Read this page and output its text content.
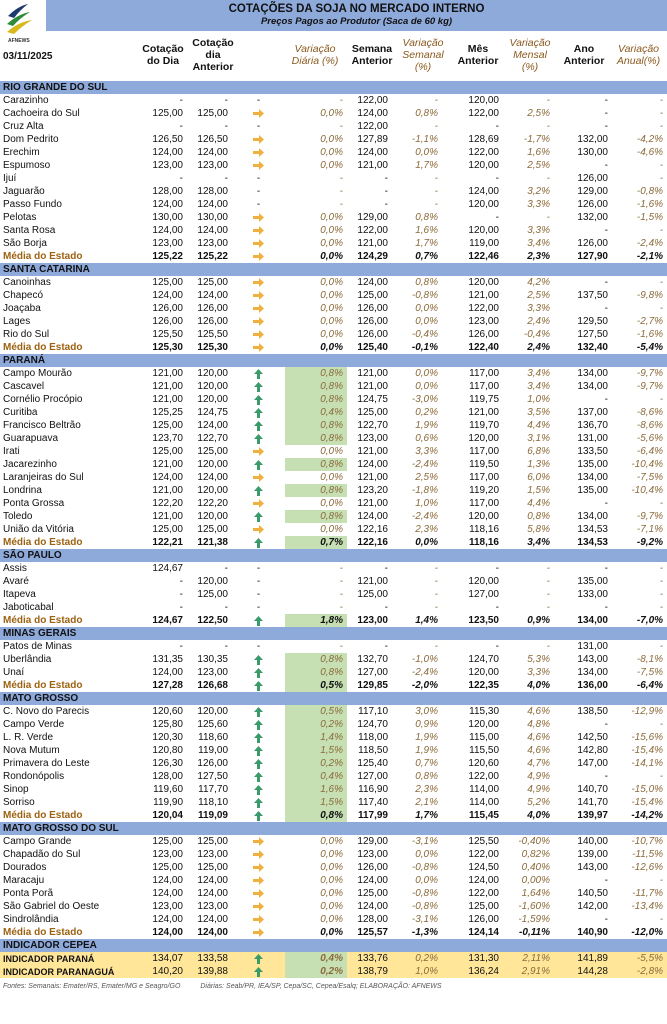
AFNEWS
COTAÇÕES DA SOJA NO MERCADO INTERNO
Preços Pagos ao Produtor (Saca de 60 kg)
03/11/2025
Cotação do Dia
Cotação dia Anterior
Variação Diária (%)
Semana Anterior
Variação Semanal (%)
Mês Anterior
Variação Mensal (%)
Ano Anterior
Variação Anual(%)
RIO GRANDE DO SUL										
Carazinho	-	-	-	-	122,00	-	120,00	-	-	-
Cachoeira do Sul	125,00	125,00		0,0%	124,00	0,8%	122,00	2,5%	-	-
Cruz Alta	-	-	-	-	122,00	-	-	-	-	-
Dom Pedrito	126,50	126,50		0,0%	127,89	-1,1%	128,69	-1,7%	132,00	-4,2%
Erechim	124,00	124,00		0,0%	124,00	0,0%	122,00	1,6%	130,00	-4,6%
Espumoso	123,00	123,00		0,0%	121,00	1,7%	120,00	2,5%	-	-
Ijuí	-	-	-	-	-	-	-	-	126,00	-
Jaguarão	128,00	128,00	-	-	-	-	124,00	3,2%	129,00	-0,8%
Passo Fundo	124,00	124,00	-	-	-	-	120,00	3,3%	126,00	-1,6%
Pelotas	130,00	130,00		0,0%	129,00	0,8%	-	-	132,00	-1,5%
Santa Rosa	124,00	124,00		0,0%	122,00	1,6%	120,00	3,3%	-	-
São Borja	123,00	123,00		0,0%	121,00	1,7%	119,00	3,4%	126,00	-2,4%
Média do Estado	125,22	125,22		0,0%	124,29	0,7%	122,46	2,3%	127,90	-2,1%
SANTA CATARINA										
Canoinhas	125,00	125,00		0,0%	124,00	0,8%	120,00	4,2%	-	-
Chapecó	124,00	124,00		0,0%	125,00	-0,8%	121,00	2,5%	137,50	-9,8%
Joaçaba	126,00	126,00		0,0%	126,00	0,0%	122,00	3,3%	-	-
Lages	126,00	126,00		0,0%	126,00	0,0%	123,00	2,4%	129,50	-2,7%
Rio do Sul	125,50	125,50		0,0%	126,00	-0,4%	126,00	-0,4%	127,50	-1,6%
Média do Estado	125,30	125,30		0,0%	125,40	-0,1%	122,40	2,4%	132,40	-5,4%
PARANÁ										
Campo Mourão	121,00	120,00		0,8%	121,00	0,0%	117,00	3,4%	134,00	-9,7%
Cascavel	121,00	120,00		0,8%	121,00	0,0%	117,00	3,4%	134,00	-9,7%
Cornélio Procópio	121,00	120,00		0,8%	124,75	-3,0%	119,75	1,0%	-	-
Curitiba	125,25	124,75		0,4%	125,00	0,2%	121,00	3,5%	137,00	-8,6%
Francisco Beltrão	125,00	124,00		0,8%	122,70	1,9%	119,70	4,4%	136,70	-8,6%
Guarapuava	123,70	122,70		0,8%	123,00	0,6%	120,00	3,1%	131,00	-5,6%
Irati	125,00	125,00		0,0%	121,00	3,3%	117,00	6,8%	133,50	-6,4%
Jacarezinho	121,00	120,00		0,8%	124,00	-2,4%	119,50	1,3%	135,00	-10,4%
Laranjeiras do Sul	124,00	124,00		0,0%	121,00	2,5%	117,00	6,0%	134,00	-7,5%
Londrina	121,00	120,00		0,8%	123,20	-1,8%	119,20	1,5%	135,00	-10,4%
Ponta Grossa	122,20	122,20		0,0%	121,00	1,0%	117,00	4,4%	-	-
Toledo	121,00	120,00		0,8%	124,00	-2,4%	120,00	0,8%	134,00	-9,7%
União da Vitória	125,00	125,00		0,0%	122,16	2,3%	118,16	5,8%	134,53	-7,1%
Média do Estado	122,21	121,38		0,7%	122,16	0,0%	118,16	3,4%	134,53	-9,2%
SÃO PAULO										
Assis	124,67	-	-	-	-	-	-	-	-	-
Avaré	-	120,00	-	-	121,00	-	120,00	-	135,00	-
Itapeva	-	125,00	-	-	125,00	-	127,00	-	133,00	-
Jaboticabal	-	-	-	-	-	-	-	-	-	-
Média do Estado	124,67	122,50		1,8%	123,00	1,4%	123,50	0,9%	134,00	-7,0%
MINAS GERAIS										
Patos de Minas	-	-	-	-	-	-	-	-	131,00	-
Uberlândia	131,35	130,35		0,8%	132,70	-1,0%	124,70	5,3%	143,00	-8,1%
Unaí	124,00	123,00		0,8%	127,00	-2,4%	120,00	3,3%	134,00	-7,5%
Média do Estado	127,28	126,68		0,5%	129,85	-2,0%	122,35	4,0%	136,00	-6,4%
MATO GROSSO										
C. Novo do Parecis	120,60	120,00		0,5%	117,10	3,0%	115,30	4,6%	138,50	-12,9%
Campo Verde	125,80	125,60		0,2%	124,70	0,9%	120,00	4,8%	-	-
L. R. Verde	120,30	118,60		1,4%	118,00	1,9%	115,00	4,6%	142,50	-15,6%
Nova Mutum	120,80	119,00		1,5%	118,50	1,9%	115,50	4,6%	142,80	-15,4%
Primavera do Leste	126,30	126,00		0,2%	125,40	0,7%	120,60	4,7%	147,00	-14,1%
Rondonópolis	128,00	127,50		0,4%	127,00	0,8%	122,00	4,9%	-	-
Sinop	119,60	117,70		1,6%	116,90	2,3%	114,00	4,9%	140,70	-15,0%
Sorriso	119,90	118,10		1,5%	117,40	2,1%	114,00	5,2%	141,70	-15,4%
Média do Estado	120,04	119,09		0,8%	117,99	1,7%	115,45	4,0%	139,97	-14,2%
MATO GROSSO DO SUL										
Campo Grande	125,00	125,00		0,0%	129,00	-3,1%	125,50	-0,40%	140,00	-10,7%
Chapadão do Sul	123,00	123,00		0,0%	123,00	0,0%	122,00	0,82%	139,00	-11,5%
Dourados	125,00	125,00		0,0%	126,00	-0,8%	124,50	0,40%	143,00	-12,6%
Maracaju	124,00	124,00		0,0%	124,00	0,0%	124,00	0,00%	-	-
Ponta Porã	124,00	124,00		0,0%	125,00	-0,8%	122,00	1,64%	140,50	-11,7%
São Gabriel do Oeste	123,00	123,00		0,0%	124,00	-0,8%	125,00	-1,60%	142,00	-13,4%
Sindrolândia	124,00	124,00		0,0%	128,00	-3,1%	126,00	-1,59%	-	-
Média do Estado	124,00	124,00		0,0%	125,57	-1,3%	124,14	-0,11%	140,90	-12,0%
INDICADOR CEPEA										
INDICADOR PARANÁ	134,07	133,58		0,4%	133,76	0,2%	131,30	2,11%	141,89	-5,5%
INDICADOR PARANAGUÁ	140,20	139,88		0,2%	138,79	1,0%	136,24	2,91%	144,28	-2,8%
Fontes: Semanais: Emater/RS, Emater/MG e Seagro/GO	Diárias: Seab/PR, IEA/SP, Cepa/SC, Cepea/Esalq; ELABORAÇÃO: AFNEWS
